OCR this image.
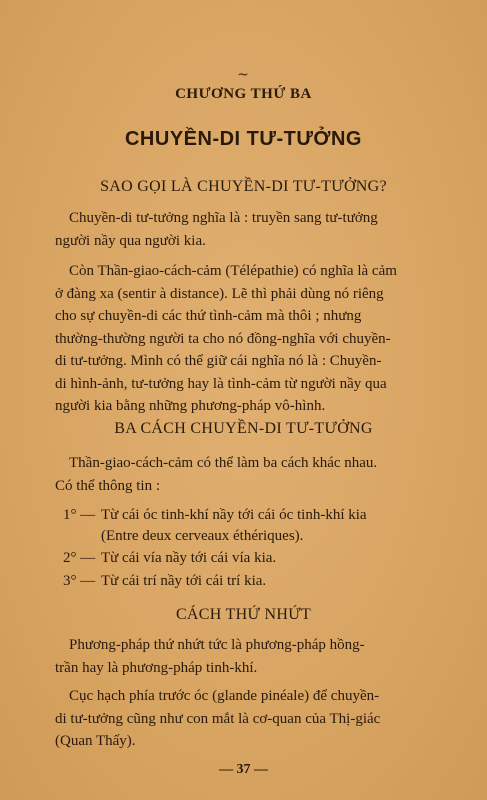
~
CHƯƠNG THỨ BA
CHUYỀN-DI TƯ-TƯỞNG
SAO GỌI LÀ CHUYỀN-DI TƯ-TƯỞNG?
Chuyền-di tư-tưởng nghĩa là : truyền sang tư-tưởng
người nầy qua người kia.
Còn Thần-giao-cách-cảm (Télépathie) có nghĩa là cảm
ở đàng xa (sentir à distance). Lẽ thì phải dùng nó riêng
cho sự chuyền-di các thứ tình-cảm mà thôi ; nhưng
thường-thường người ta cho nó đồng-nghĩa với chuyền-
di tư-tưởng. Mình có thể giữ cái nghĩa nó là : Chuyền-
di hình-ảnh, tư-tưởng hay là tình-cảm từ người nầy qua
người kia bằng những phương-pháp vô-hình.
BA CÁCH CHUYỀN-DI TƯ-TƯỞNG
Thần-giao-cách-cảm có thể làm ba cách khác nhau.
Có thể thông tin :
1° — Từ cái óc tinh-khí nầy tới cái óc tinh-khí kia
(Entre deux cerveaux éthériques).
2° — Từ cái vía nầy tới cái vía kia.
3° — Từ cái trí nầy tới cái trí kia.
CÁCH THỨ NHỨT
Phương-pháp thứ nhứt tức là phương-pháp hồng-
trần hay là phương-pháp tinh-khí.
Cục hạch phía trước óc (glande pinéale) để chuyền-
di tư-tưởng cũng như con mắt là cơ-quan của Thị-giác
(Quan Thấy).
— 37 —
